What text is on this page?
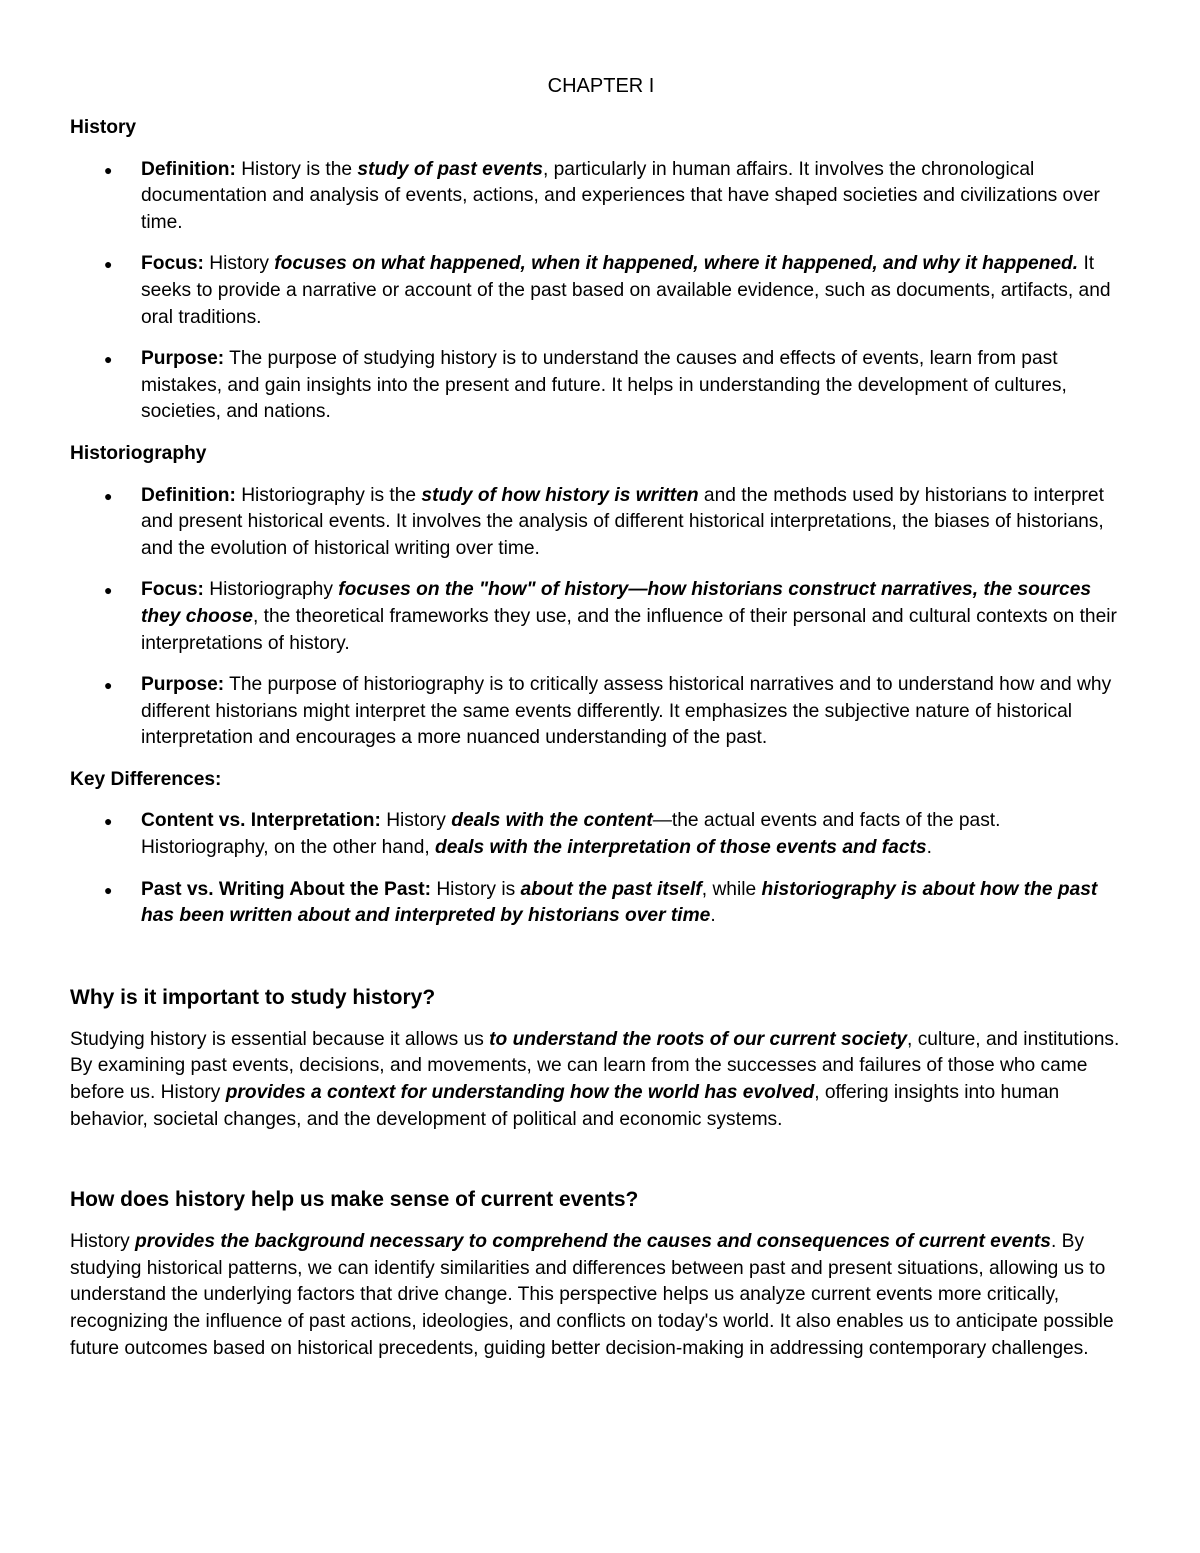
CHAPTER I
History
● Definition: History is the study of past events, particularly in human affairs. It involves the chronological documentation and analysis of events, actions, and experiences that have shaped societies and civilizations over time.
● Focus: History focuses on what happened, when it happened, where it happened, and why it happened. It seeks to provide a narrative or account of the past based on available evidence, such as documents, artifacts, and oral traditions.
● Purpose: The purpose of studying history is to understand the causes and effects of events, learn from past mistakes, and gain insights into the present and future. It helps in understanding the development of cultures, societies, and nations.
Historiography
● Definition: Historiography is the study of how history is written and the methods used by historians to interpret and present historical events. It involves the analysis of different historical interpretations, the biases of historians, and the evolution of historical writing over time.
● Focus: Historiography focuses on the "how" of history—how historians construct narratives, the sources they choose, the theoretical frameworks they use, and the influence of their personal and cultural contexts on their interpretations of history.
● Purpose: The purpose of historiography is to critically assess historical narratives and to understand how and why different historians might interpret the same events differently. It emphasizes the subjective nature of historical interpretation and encourages a more nuanced understanding of the past.
Key Differences:
● Content vs. Interpretation: History deals with the content—the actual events and facts of the past. Historiography, on the other hand, deals with the interpretation of those events and facts.
● Past vs. Writing About the Past: History is about the past itself, while historiography is about how the past has been written about and interpreted by historians over time.
Why is it important to study history?

Studying history is essential because it allows us to understand the roots of our current society, culture, and institutions. By examining past events, decisions, and movements, we can learn from the successes and failures of those who came before us. History provides a context for understanding how the world has evolved, offering insights into human behavior, societal changes, and the development of political and economic systems.

How does history help us make sense of current events?

History provides the background necessary to comprehend the causes and consequences of current events. By studying historical patterns, we can identify similarities and differences between past and present situations, allowing us to understand the underlying factors that drive change. This perspective helps us analyze current events more critically, recognizing the influence of past actions, ideologies, and conflicts on today's world. It also enables us to anticipate possible future outcomes based on historical precedents, guiding better decision-making in addressing contemporary challenges.
